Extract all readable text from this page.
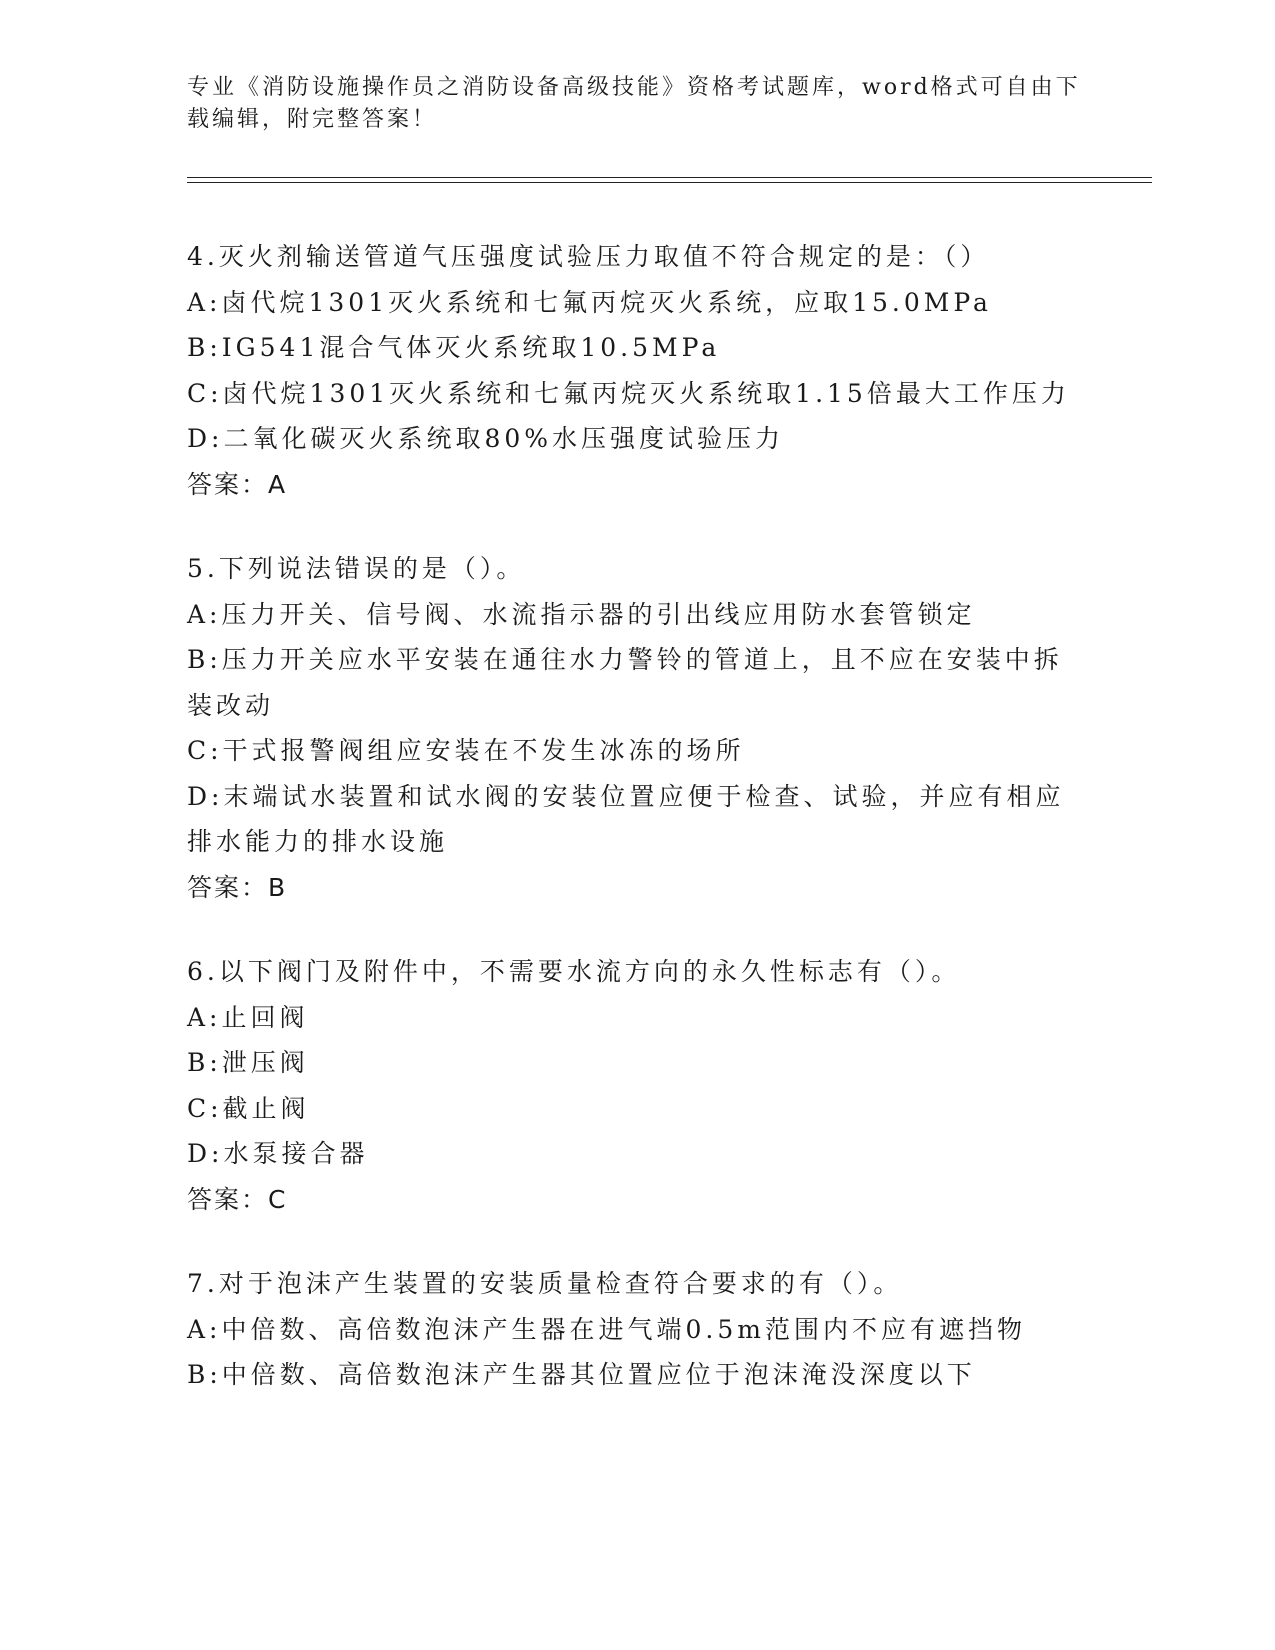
专业《消防设施操作员之消防设备高级技能》资格考试题库，word格式可自由下载编辑，附完整答案！
4.灭火剂输送管道气压强度试验压力取值不符合规定的是：（）
A:卤代烷1301灭火系统和七氟丙烷灭火系统，应取15.0MPa
B:IG541混合气体灭火系统取10.5MPa
C:卤代烷1301灭火系统和七氟丙烷灭火系统取1.15倍最大工作压力
D:二氧化碳灭火系统取80%水压强度试验压力
答案：A
5.下列说法错误的是（）。
A:压力开关、信号阀、水流指示器的引出线应用防水套管锁定
B:压力开关应水平安装在通往水力警铃的管道上，且不应在安装中拆装改动
C:干式报警阀组应安装在不发生冰冻的场所
D:末端试水装置和试水阀的安装位置应便于检查、试验，并应有相应排水能力的排水设施
答案：B
6.以下阀门及附件中，不需要水流方向的永久性标志有（）。
A:止回阀
B:泄压阀
C:截止阀
D:水泵接合器
答案：C
7.对于泡沫产生装置的安装质量检查符合要求的有（）。
A:中倍数、高倍数泡沫产生器在进气端0.5m范围内不应有遮挡物
B:中倍数、高倍数泡沫产生器其位置应位于泡沫淹没深度以下
